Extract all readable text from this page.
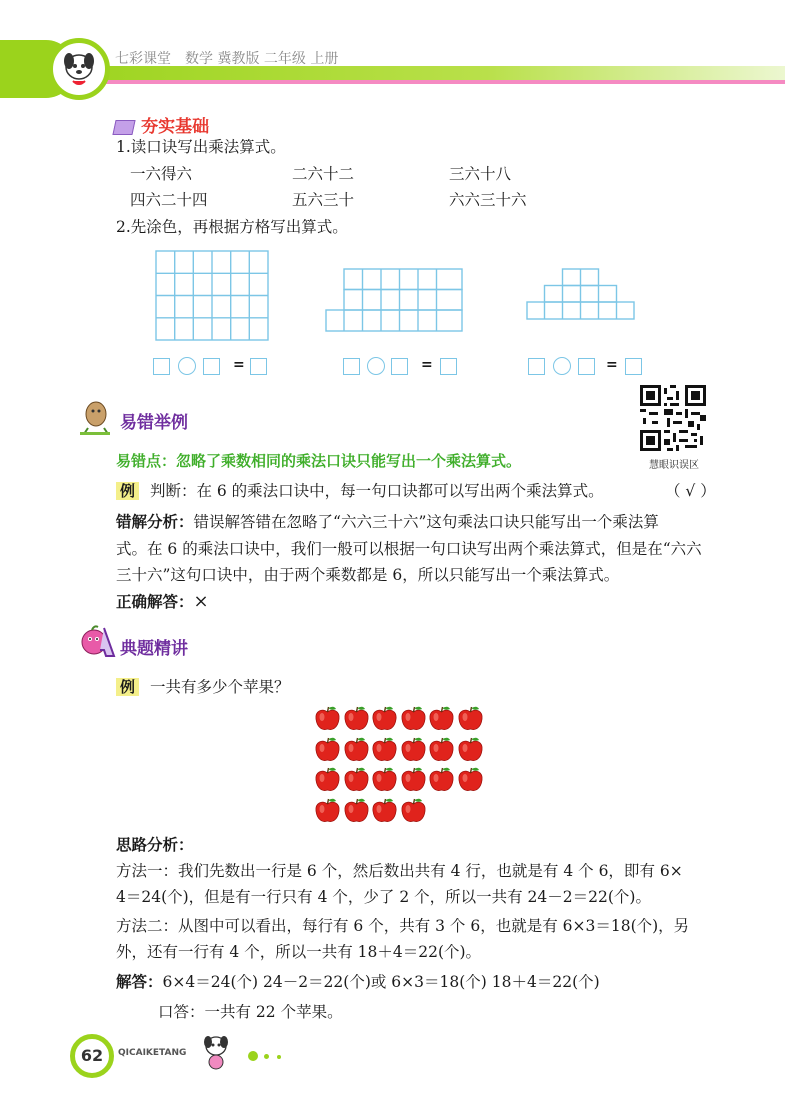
七彩课堂　数学 冀教版 二年级 上册
夯实基础
1.读口诀写出乘法算式。
一六得六	二六十二	三六十八
四六二十四	五六三十	六六三十六
2.先涂色，再根据方格写出算式。
=	=	=
易错举例
慧眼识误区
易错点：忽略了乘数相同的乘法口诀只能写出一个乘法算式。
例 判断：在 6 的乘法口诀中，每一句口诀都可以写出两个乘法算式。	（ √ ）
错解分析：错误解答错在忽略了“六六三十六”这句乘法口诀只能写出一个乘法算
式。在 6 的乘法口诀中，我们一般可以根据一句口诀写出两个乘法算式，但是在“六六
三十六”这句口诀中，由于两个乘数都是 6，所以只能写出一个乘法算式。
正确解答：×
典题精讲
例 一共有多少个苹果？
思路分析：
方法一：我们先数出一行是 6 个，然后数出共有 4 行，也就是有 4 个 6，即有 6×
4＝24(个)，但是有一行只有 4 个，少了 2 个，所以一共有 24－2＝22(个)。
方法二：从图中可以看出，每行有 6 个，共有 3 个 6，也就是有 6×3＝18(个)，另
外，还有一行有 4 个，所以一共有 18＋4＝22(个)。
解答：6×4＝24(个) 24－2＝22(个)或 6×3＝18(个) 18＋4＝22(个)
口答：一共有 22 个苹果。
62	QICAIKETANG
